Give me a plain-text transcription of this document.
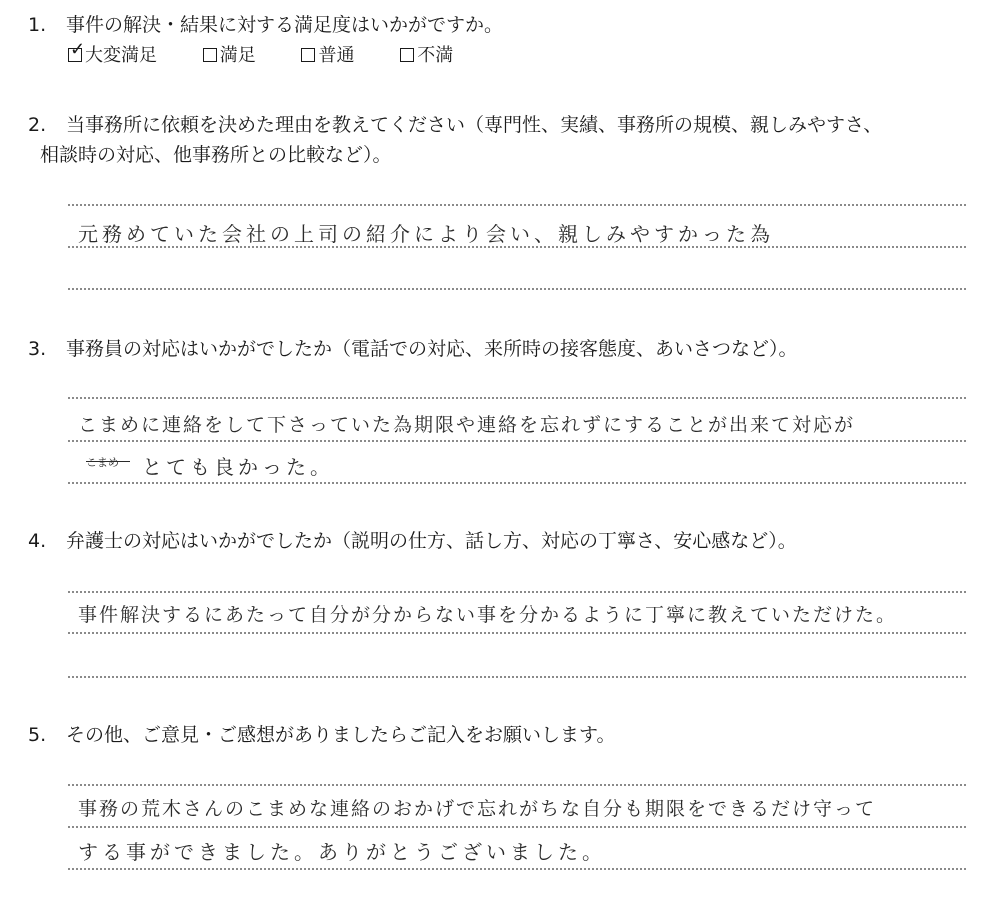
1. 事件の解決・結果に対する満足度はいかがですか。
✓ 大変満足	満足	普通	不満
2. 当事務所に依頼を決めた理由を教えてください（専門性、実績、事務所の規模、親しみやすさ、
相談時の対応、他事務所との比較など）。
元務めていた会社の上司の紹介により会い、親しみやすかった為
3. 事務員の対応はいかがでしたか（電話での対応、来所時の接客態度、あいさつなど）。
こまめに連絡をして下さっていた為期限や連絡を忘れずにすることが出来て対応が
こまめ	とても良かった。
4. 弁護士の対応はいかがでしたか（説明の仕方、話し方、対応の丁寧さ、安心感など）。
事件解決するにあたって自分が分からない事を分かるように丁寧に教えていただけた。
5. その他、ご意見・ご感想がありましたらご記入をお願いします。
事務の荒木さんのこまめな連絡のおかげで忘れがちな自分も期限をできるだけ守って
する事ができました。ありがとうございました。
